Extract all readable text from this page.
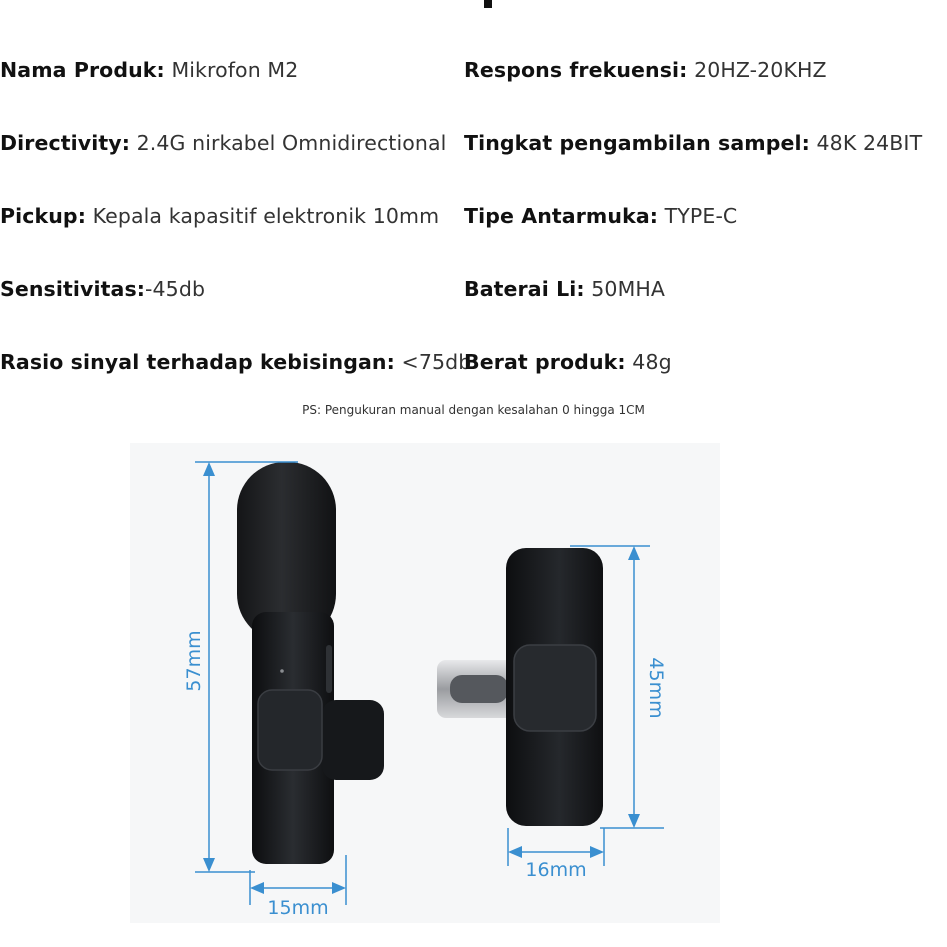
Nama Produk: Mikrofon M2
Directivity: 2.4G nirkabel Omnidirectional
Pickup: Kepala kapasitif elektronik 10mm
Sensitivitas:-45db
Rasio sinyal terhadap kebisingan: <75db
Respons frekuensi: 20HZ-20KHZ
Tingkat pengambilan sampel: 48K 24BIT
Tipe Antarmuka: TYPE-C
Baterai Li: 50MHA
Berat produk: 48g
PS: Pengukuran manual dengan kesalahan 0 hingga 1CM
57mm
15mm
45mm
16mm
